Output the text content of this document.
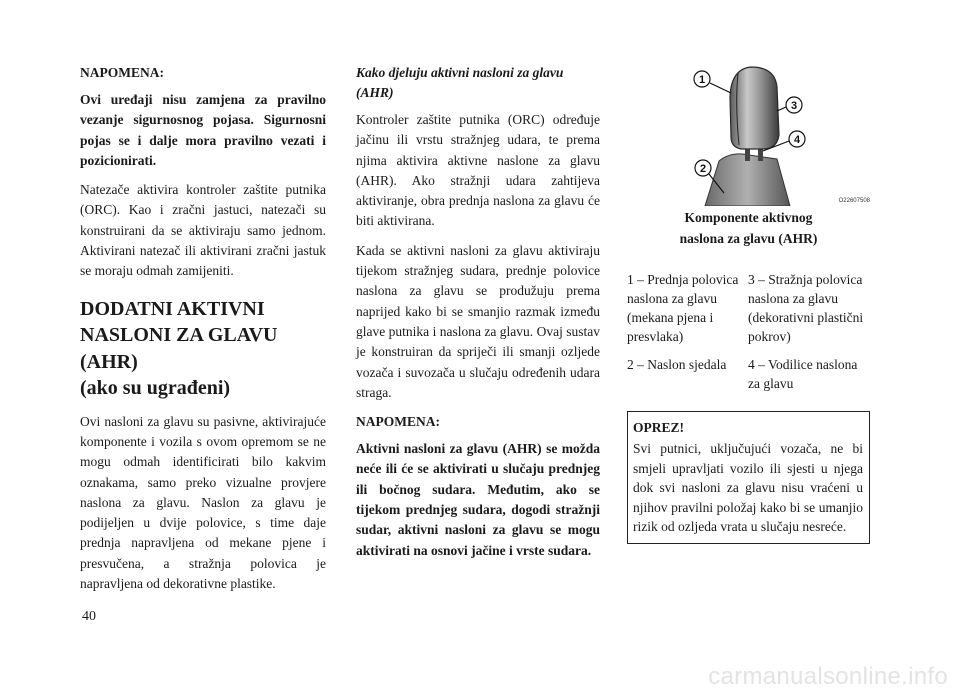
NAPOMENA:

Ovi uređaji nisu zamjena za pravilno vezanje sigurnosnog pojasa. Sigurnosni pojas se i dalje mora pravilno vezati i pozicionirati.

Natezače aktivira kontroler zaštite putnika (ORC). Kao i zračni jastuci, natezači su konstruirani da se aktiviraju samo jednom. Aktivirani natezač ili aktivirani zračni jastuk se moraju odmah zamijeniti.

DODATNI AKTIVNI
NASLONI ZA GLAVU (AHR)
(ako su ugrađeni)

Ovi nasloni za glavu su pasivne, aktivirajuće komponente i vozila s ovom opremom se ne mogu odmah identificirati bilo kakvim oznakama, samo preko vizualne provjere naslona za glavu. Naslon za glavu je podijeljen u dvije polovice, s time daje prednja napravljena od mekane pjene i presvučena, a stražnja polovica je napravljena od dekorativne plastike.

Kako djeluju aktivni nasloni za glavu (AHR)

Kontroler zaštite putnika (ORC) određuje jačinu ili vrstu stražnjeg udara, te prema njima aktivira aktivne naslone za glavu (AHR). Ako stražnji udara zahtijeva aktiviranje, obra prednja naslona za glavu će biti aktivirana.

Kada se aktivni nasloni za glavu aktiviraju tijekom stražnjeg sudara, prednje polovice naslona za glavu se produžuju prema naprijed kako bi se smanjio razmak između glave putnika i naslona za glavu. Ovaj sustav je konstruiran da spriječi ili smanji ozljede vozača i suvozača u slučaju određenih udara straga.

NAPOMENA:

Aktivni nasloni za glavu (AHR) se možda neće ili će se aktivirati u slučaju prednjeg ili bočnog sudara. Međutim, ako se tijekom prednjeg sudara, dogodi stražnji sudar, aktivni nasloni za glavu se mogu aktivirati na osnovi jačine i vrste sudara.

1
2
3
4
O22607508

Komponente aktivnog

naslona za glavu (AHR)

1 – Prednja polovica naslona za glavu (mekana pjena i presvlaka)
3 – Stražnja polovica naslona za glavu (dekorativni plastični pokrov)
2 – Naslon sjedala	4 – Vodilice naslona za glavu

OPREZ!

Svi putnici, uključujući vozača, ne bi smjeli upravljati vozilo ili sjesti u njega dok svi nasloni za glavu nisu vraćeni u njihov pravilni položaj kako bi se umanjio rizik od ozljeda vrata u slučaju nesreće.

40
carmanualsonline.info
